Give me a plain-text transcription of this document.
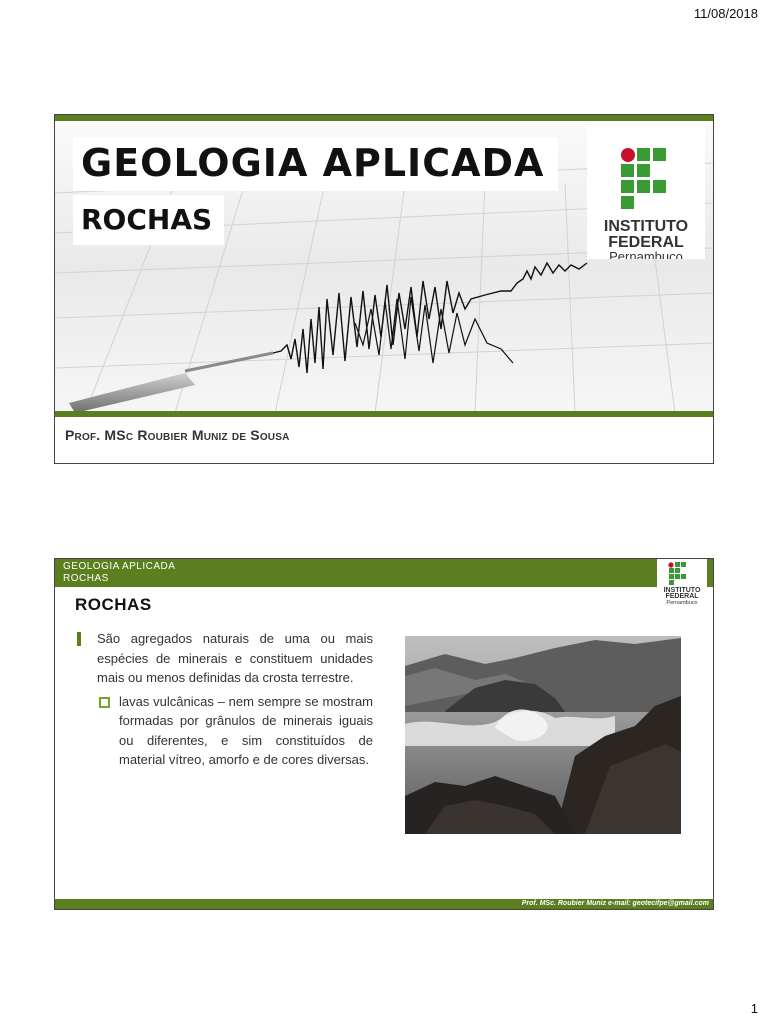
11/08/2018
GEOLOGIA APLICADA
ROCHAS	INSTITUTO
FEDERAL
Pernambuco
Prof. MSc Roubier Muniz de Sousa
GEOLOGIA APLICADA
ROCHAS
INSTITUTO
FEDERAL
Pernambuco
ROCHAS
São agregados naturais de uma ou mais espécies de minerais e constituem unidades mais ou menos definidas da crosta terrestre.
lavas vulcânicas – nem sempre se mostram formadas por grânulos de minerais iguais ou diferentes, e sim constituídos de material vítreo, amorfo e de cores diversas.
Prof. MSc. Roubier Muniz e-mail: geotecifpe@gmail.com
1
